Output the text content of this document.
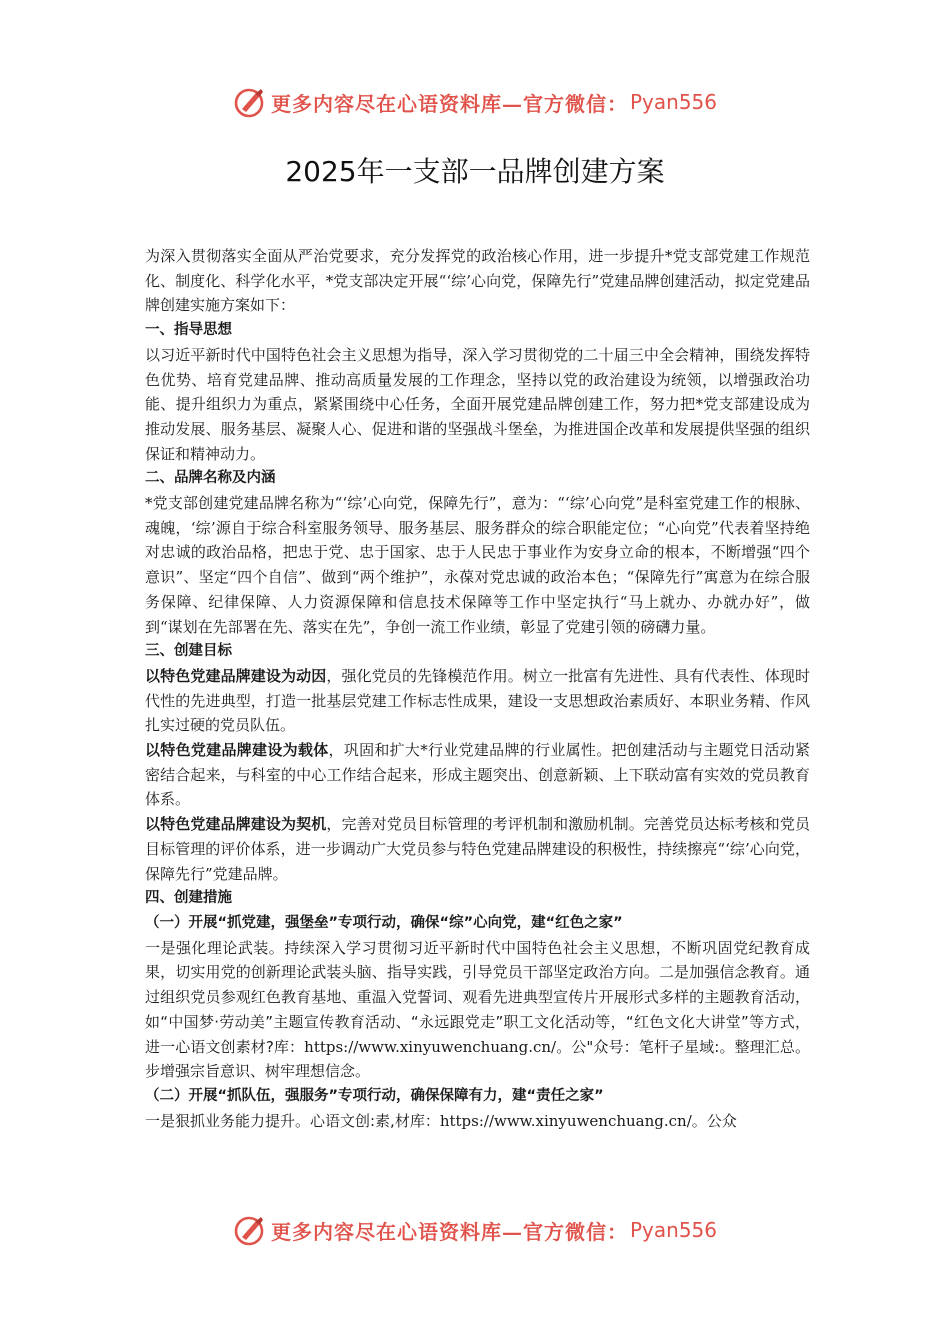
更多内容尽在心语资料库—官方微信： Pyan556
2025年一支部一品牌创建方案

为深入贯彻落实全面从严治党要求，充分发挥党的政治核心作用，进一步提升*党支部党建工作规范化、制度化、科学化水平，*党支部决定开展“‘综’心向党，保障先行”党建品牌创建活动，拟定党建品牌创建实施方案如下：

一、指导思想

以习近平新时代中国特色社会主义思想为指导，深入学习贯彻党的二十届三中全会精神，围绕发挥特色优势、培育党建品牌、推动高质量发展的工作理念，坚持以党的政治建设为统领，以增强政治功能、提升组织力为重点，紧紧围绕中心任务，全面开展党建品牌创建工作，努力把*党支部建设成为推动发展、服务基层、凝聚人心、促进和谐的坚强战斗堡垒，为推进国企改革和发展提供坚强的组织保证和精神动力。

二、品牌名称及内涵

*党支部创建党建品牌名称为“‘综’心向党，保障先行”，意为：“‘综’心向党”是科室党建工作的根脉、魂魄，‘综’源自于综合科室服务领导、服务基层、服务群众的综合职能定位；“心向党”代表着坚持绝对忠诚的政治品格，把忠于党、忠于国家、忠于人民忠于事业作为安身立命的根本，不断增强“四个意识”、坚定“四个自信”、做到“两个维护”，永葆对党忠诚的政治本色；“保障先行”寓意为在综合服务保障、纪律保障、人力资源保障和信息技术保障等工作中坚定执行“马上就办、办就办好”，做到“谋划在先部署在先、落实在先”，争创一流工作业绩，彰显了党建引领的磅礴力量。

三、创建目标

以特色党建品牌建设为动因，强化党员的先锋模范作用。树立一批富有先进性、具有代表性、体现时代性的先进典型，打造一批基层党建工作标志性成果，建设一支思想政治素质好、本职业务精、作风扎实过硬的党员队伍。

以特色党建品牌建设为载体，巩固和扩大*行业党建品牌的行业属性。把创建活动与主题党日活动紧密结合起来，与科室的中心工作结合起来，形成主题突出、创意新颖、上下联动富有实效的党员教育体系。

以特色党建品牌建设为契机，完善对党员目标管理的考评机制和激励机制。完善党员达标考核和党员目标管理的评价体系，进一步调动广大党员参与特色党建品牌建设的积极性，持续擦亮“‘综’心向党，保障先行”党建品牌。

四、创建措施

（一）开展“抓党建，强堡垒”专项行动，确保“综”心向党，建“红色之家”

一是强化理论武装。持续深入学习贯彻习近平新时代中国特色社会主义思想，不断巩固党纪教育成果，切实用党的创新理论武装头脑、指导实践，引导党员干部坚定政治方向。二是加强信念教育。通过组织党员参观红色教育基地、重温入党誓词、观看先进典型宣传片开展形式多样的主题教育活动，如“中国梦·劳动美”主题宣传教育活动、“永远跟党走”职工文化活动等，“红色文化大讲堂”等方式，进一心语文创素材?库：https://www.xinyuwenchuang.cn/。公"众号：笔杆子星域:。整理汇总。步增强宗旨意识、树牢理想信念。

（二）开展“抓队伍，强服务”专项行动，确保保障有力，建“责任之家”

一是狠抓业务能力提升。心语文创:素,材库：https://www.xinyuwenchuang.cn/。公众

更多内容尽在心语资料库—官方微信： Pyan556
